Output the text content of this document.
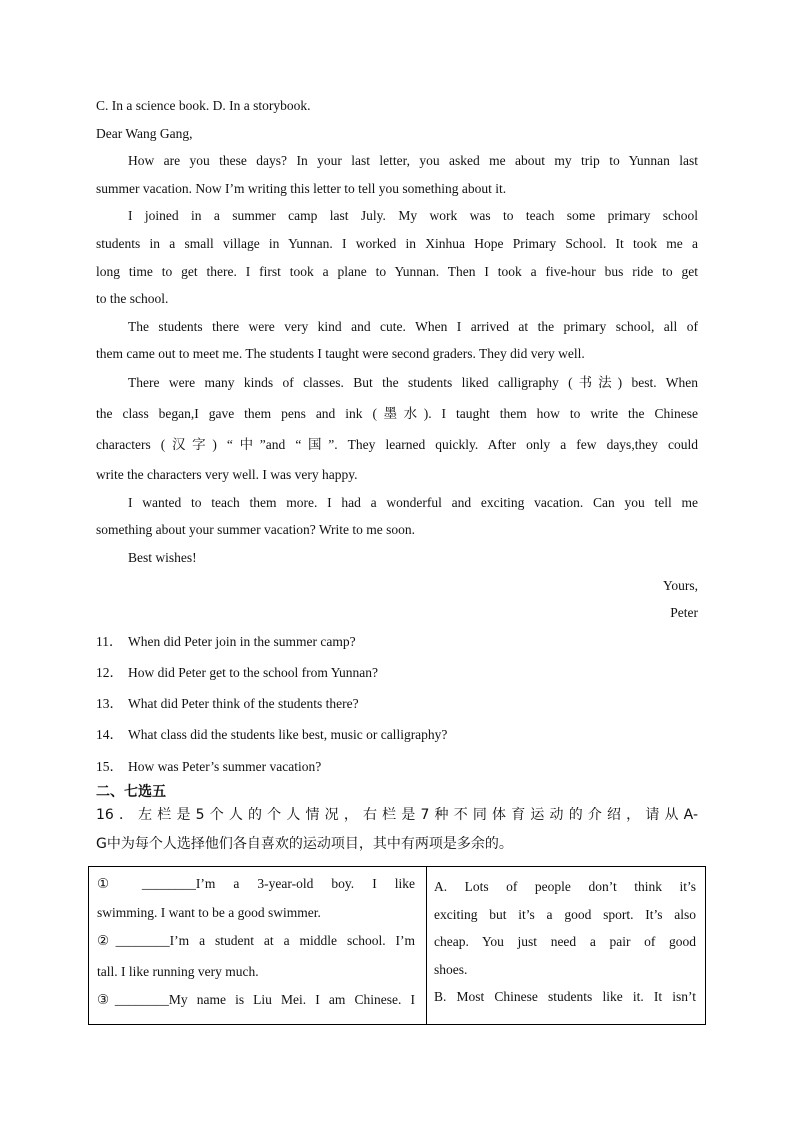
C. In a science book. D. In a storybook.
Dear Wang Gang,
How are you these days? In your last letter, you asked me about my trip to Yunnan last
summer vacation. Now I’m writing this letter to tell you something about it.
I joined in a summer camp last July. My work was to teach some primary school
students in a small village in Yunnan. I worked in Xinhua Hope Primary School. It took me a
long time to get there. I first took a plane to Yunnan. Then I took a five-hour bus ride to get
to the school.
The students there were very kind and cute. When I arrived at the primary school, all of
them came out to meet me. The students I taught were second graders. They did very well.
There were many kinds of classes. But the students liked calligraphy (书法) best. When
the class began,I gave them pens and ink (墨水). I taught them how to write the Chinese
characters (汉字) “中”and “国”. They learned quickly. After only a few days,they could
write the characters very well. I was very happy.
I wanted to teach them more. I had a wonderful and exciting vacation. Can you tell me
something about your summer vacation? Write to me soon.
Best wishes!
Yours,
Peter
11． When did Peter join in the summer camp?
12． How did Peter get to the school from Yunnan?
13． What did Peter think of the students there?
14． What class did the students like best, music or calligraphy?
15． How was Peter’s summer vacation?
二、七选五
16．左栏是5个人的个人情况，右栏是7种不同体育运动的介绍，请从A-
G中为每个人选择他们各自喜欢的运动项目，其中有两项是多余的。
① ________I’m a 3-year-old boy. I like
swimming. I want to be a good swimmer.
②________I’m a student at a middle school. I’m
tall. I like running very much.
③________My name is Liu Mei. I am Chinese. I
A. Lots of people don’t think it’s
exciting but it’s a good sport. It’s also
cheap. You just need a pair of good
shoes.
B. Most Chinese students like it. It isn’t
